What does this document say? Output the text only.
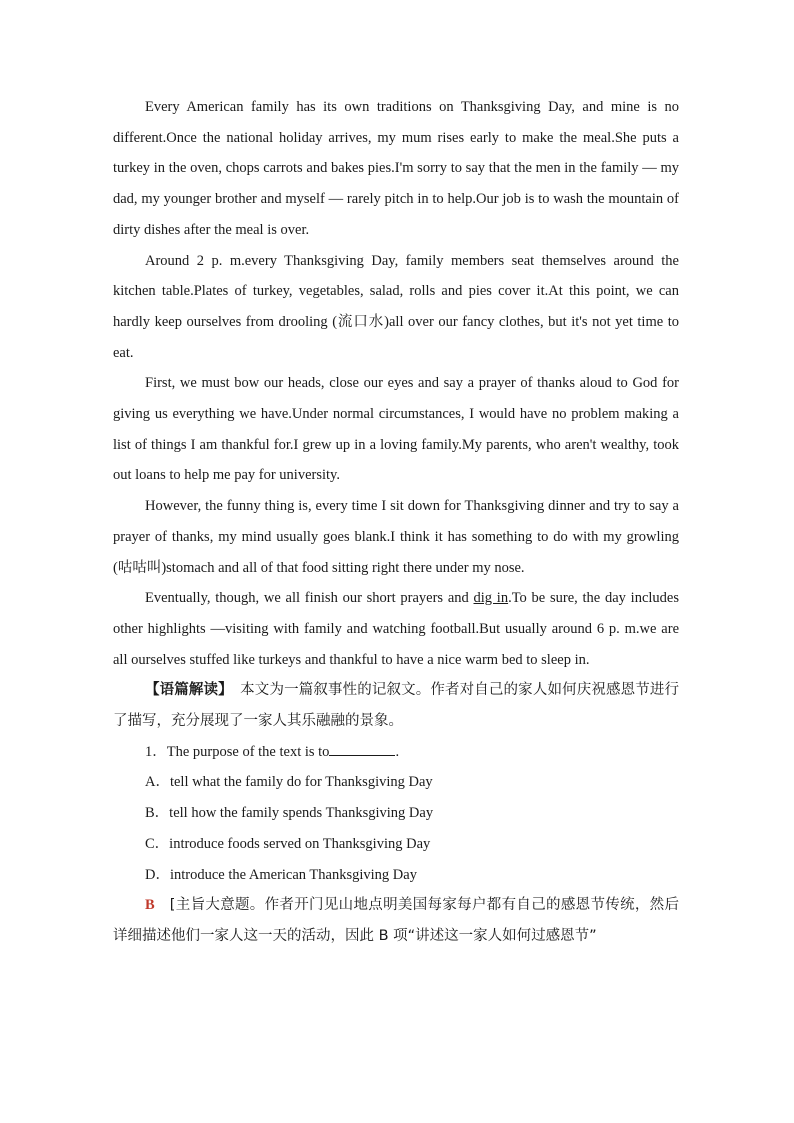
Every American family has its own traditions on Thanksgiving Day, and mine is no different.Once the national holiday arrives, my mum rises early to make the meal.She puts a turkey in the oven, chops carrots and bakes pies.I'm sorry to say that the men in the family — my dad, my younger brother and myself — rarely pitch in to help.Our job is to wash the mountain of dirty dishes after the meal is over.

Around 2 p. m.every Thanksgiving Day, family members seat themselves around the kitchen table.Plates of turkey, vegetables, salad, rolls and pies cover it.At this point, we can hardly keep ourselves from drooling (流口水)all over our fancy clothes, but it's not yet time to eat.

First, we must bow our heads, close our eyes and say a prayer of thanks aloud to God for giving us everything we have.Under normal circumstances, I would have no problem making a list of things I am thankful for.I grew up in a loving family.My parents, who aren't wealthy, took out loans to help me pay for university.

However, the funny thing is, every time I sit down for Thanksgiving dinner and try to say a prayer of thanks, my mind usually goes blank.I think it has something to do with my growling (咕咕叫)stomach and all of that food sitting right there under my nose.

Eventually, though, we all finish our short prayers and dig in.To be sure, the day includes other highlights —visiting with family and watching football.But usually around 6 p. m.we are all ourselves stuffed like turkeys and thankful to have a nice warm bed to sleep in.

【语篇解读】　本文为一篇叙事性的记叙文。作者对自己的家人如何庆祝感恩节进行了描写，充分展现了一家人其乐融融的景象。

1．The purpose of the text is to	.

A．tell what the family do for Thanksgiving Day

B．tell how the family spends Thanksgiving Day

C．introduce foods served on Thanksgiving Day

D．introduce the American Thanksgiving Day

B　[主旨大意题。作者开门见山地点明美国每家每户都有自己的感恩节传统，然后详细描述他们一家人这一天的活动，因此 B 项“讲述这一家人如何过感恩节”
